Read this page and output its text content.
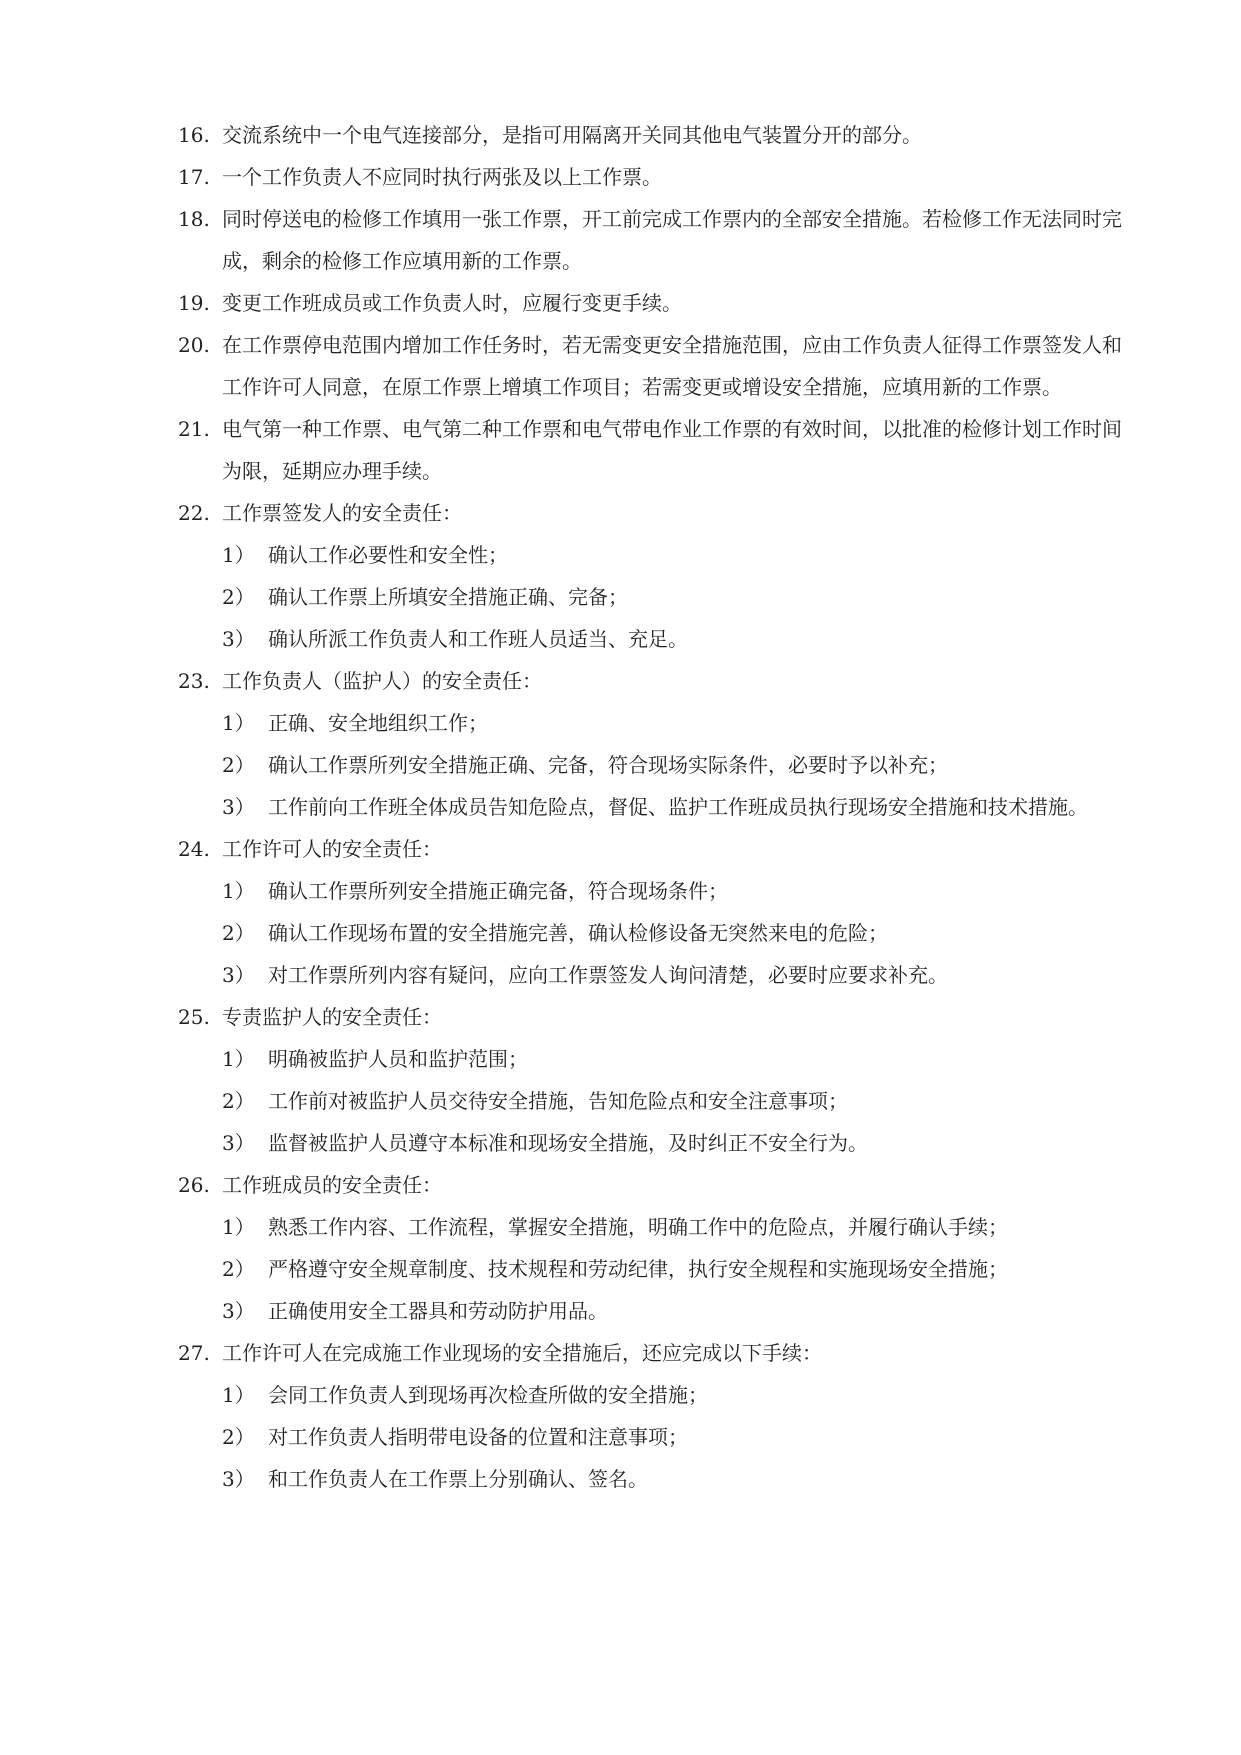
16. 交流系统中一个电气连接部分，是指可用隔离开关同其他电气装置分开的部分。
17. 一个工作负责人不应同时执行两张及以上工作票。
18. 同时停送电的检修工作填用一张工作票，开工前完成工作票内的全部安全措施。若检修工作无法同时完成，剩余的检修工作应填用新的工作票。
19. 变更工作班成员或工作负责人时，应履行变更手续。
20. 在工作票停电范围内增加工作任务时，若无需变更安全措施范围，应由工作负责人征得工作票签发人和工作许可人同意，在原工作票上增填工作项目；若需变更或增设安全措施，应填用新的工作票。
21. 电气第一种工作票、电气第二种工作票和电气带电作业工作票的有效时间，以批准的检修计划工作时间为限，延期应办理手续。
22. 工作票签发人的安全责任：
1） 确认工作必要性和安全性；
2） 确认工作票上所填安全措施正确、完备；
3） 确认所派工作负责人和工作班人员适当、充足。
23. 工作负责人（监护人）的安全责任：
1） 正确、安全地组织工作；
2） 确认工作票所列安全措施正确、完备，符合现场实际条件，必要时予以补充；
3） 工作前向工作班全体成员告知危险点，督促、监护工作班成员执行现场安全措施和技术措施。
24. 工作许可人的安全责任：
1） 确认工作票所列安全措施正确完备，符合现场条件；
2） 确认工作现场布置的安全措施完善，确认检修设备无突然来电的危险；
3） 对工作票所列内容有疑问，应向工作票签发人询问清楚，必要时应要求补充。
25. 专责监护人的安全责任：
1） 明确被监护人员和监护范围；
2） 工作前对被监护人员交待安全措施，告知危险点和安全注意事项；
3） 监督被监护人员遵守本标准和现场安全措施，及时纠正不安全行为。
26. 工作班成员的安全责任：
1） 熟悉工作内容、工作流程，掌握安全措施，明确工作中的危险点，并履行确认手续；
2） 严格遵守安全规章制度、技术规程和劳动纪律，执行安全规程和实施现场安全措施；
3） 正确使用安全工器具和劳动防护用品。
27. 工作许可人在完成施工作业现场的安全措施后，还应完成以下手续：
1） 会同工作负责人到现场再次检查所做的安全措施；
2） 对工作负责人指明带电设备的位置和注意事项；
3） 和工作负责人在工作票上分别确认、签名。
